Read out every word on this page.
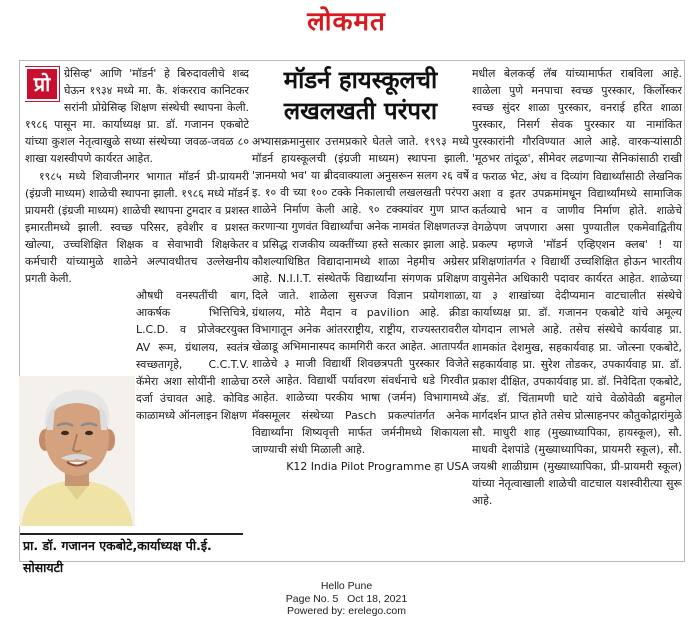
लोकमत
प्रो	ग्रेसिव्ह' आणि 'मॉडर्न' हे बिरुदावलीचे शब्द घेऊन १९३४ मध्ये मा. कै. शंकरराव कानिटकर सरांनी प्रोग्रेसिव्ह शिक्षण संस्थेची स्थापना केली. १९८६ पासून मा. कार्याध्यक्ष प्रा. डॉ. गजानन एकबोटे यांच्या कुशल नेतृत्वाखुळे सध्या संस्थेच्या जवळ-जवळ ८० शाखा यशस्वीपणे कार्यरत आहेत.

१९८५ मध्ये शिवाजीनगर भागात मॉडर्न प्री-प्रायमरी (इंग्रजी माध्यम) शाळेची स्थापना झाली. १९८६ मध्ये मॉडर्न प्रायमरी (इंग्रजी माध्यम) शाळेची स्थापना टुमदार व प्रशस्त इमारतीमध्ये झाली. स्वच्छ परिसर, हवेशीर व प्रशस्त खोल्या, उच्चशिक्षित शिक्षक व सेवाभावी शिक्षकेतर कर्मचारी यांच्यामुळे शाळेने अल्पावधीतच उल्लेखनीय प्रगती केली.

औषधी वनस्पतींची बाग, आकर्षक भित्तिचित्रे, L.C.D. व प्रोजेक्टरयुक्त AV रूम, ग्रंथालय, स्वतंत्र स्वच्छतागृहे, C.C.T.V. कॅमेरा अशा सोयींनी शाळेचा दर्जा उंचावत आहे. कोविड काळामध्ये ऑनलाइन शिक्षण

मॉडर्न हायस्कूलची लखलखती परंपरा

अभ्यासक्रमानुसार उत्तमप्रकारे घेतले जाते. १९९३ मध्ये मॉडर्न हायस्कूलची (इंग्रजी माध्यम) स्थापना झाली. 'ज्ञानमयो भव' या ब्रीदवाक्याला अनुसरून सलग २६ वर्षे इ. १० वी च्या १०० टक्के निकालाची लखलखती परंपरा शाळेने निर्माण केली आहे. ९० टक्क्यांवर गुण प्राप्त करणाऱ्या गुणवंत विद्यार्थ्यांचा अनेक नामवंत शिक्षणतज्ज्ञ व प्रसिद्ध राजकीय व्यक्तींच्या हस्ते सत्कार झाला आहे. कौशल्याधिष्ठित विद्यादानामध्ये शाळा नेहमीच अग्रेसर आहे. N.I.I.T. संस्थेतर्फे विद्यार्थ्यांना संगणक प्रशिक्षण दिले जाते. शाळेला सुसज्ज विज्ञान प्रयोगशाळा, ग्रंथालय, मोठे मैदान व pavilion आहे. क्रीडा विभागातून अनेक आंतरराष्ट्रीय, राष्ट्रीय, राज्यस्तरावरील खेळाडू अभिमानास्पद कामगिरी करत आहेत. आतापर्यंत शाळेचे ३ माजी विद्यार्थी शिवछत्रपती पुरस्कार विजेते ठरले आहेत. विद्यार्थी पर्यावरण संवर्धनाचे धडे गिरवीत आहेत. शाळेच्या परकीय भाषा (जर्मन) विभागामध्ये मॅक्समूलर संस्थेच्या Pasch प्रकल्पांतर्गत अनेक विद्यार्थ्यांना शिष्यवृत्ती मार्फत जर्मनीमध्ये शिकायला जाण्याची संधी मिळाली आहे.

K12 India Pilot Programme हा USA

मधील बेलकर्व्ह लॅब यांच्यामार्फत राबविला आहे. शाळेला पुणे मनपाचा स्वच्छ पुरस्कार, किर्लोस्कर स्वच्छ सुंदर शाळा पुरस्कार, वनराई हरित शाळा पुरस्कार, निसर्ग सेवक पुरस्कार या नामांकित पुरस्कारांनी गौरविण्यात आले आहे. वारकऱ्यांसाठी 'मूठभर तांदूळ', सीमेवर लढणाऱ्या सैनिकांसाठी राखी व फराळ भेट, अंध व दिव्यांग विद्यार्थ्यांसाठी लेखनिक अशा व इतर उपक्रमांमधून विद्यार्थ्यांमध्ये सामाजिक कर्तव्याचे भान व जाणीव निर्माण होते. शाळेचे वेगळेपण जपणारा असा पुण्यातील एकमेवाद्वितीय प्रकल्प म्हणजे 'मॉडर्न एव्हिएशन क्लब' ! या प्रशिक्षणांतर्गत २ विद्यार्थी उच्चशिक्षित होऊन भारतीय वायुसेनेत अधिकारी पदावर कार्यरत आहेत. शाळेच्या या ३ शाखांच्या देदीप्यमान वाटचालीत संस्थेचे कार्याध्यक्ष प्रा. डॉ. गजानन एकबोटे यांचे अमूल्य योगदान लाभले आहे. तसेच संस्थेचे कार्यवाह प्रा. शामकांत देशमुख, सहकार्यवाह प्रा. जोत्स्ना एकबोटे, सहकार्यवाह प्रा. सुरेश तोडकर, उपकार्यवाह प्रा. डॉ. प्रकाश दीक्षित, उपकार्यवाह प्रा. डॉ. निवेदिता एकबोटे, ॲड. डॉ. चिंतामणी घाटे यांचे वेळोवेळी बहुमोल मार्गदर्शन प्राप्त होते तसेच प्रोत्साहनपर कौतुकोद्गारांमुळे सौ. माधुरी शाह (मुख्याध्यापिका, हायस्कूल), सौ. माधवी देशपांडे (मुख्याध्यापिका, प्रायमरी स्कूल), सौ. जयश्री शाळीग्राम (मुख्याध्यापिका, प्री-प्रायमरी स्कूल) यांच्या नेतृत्वाखाली शाळेची वाटचाल यशस्वीरीत्या सुरू आहे.

प्रा. डॉ. गजानन एकबोटे,कार्याध्यक्ष पी.ई. सोसायटी
Hello Pune
Page No. 5   Oct 18, 2021
Powered by: erelego.com
